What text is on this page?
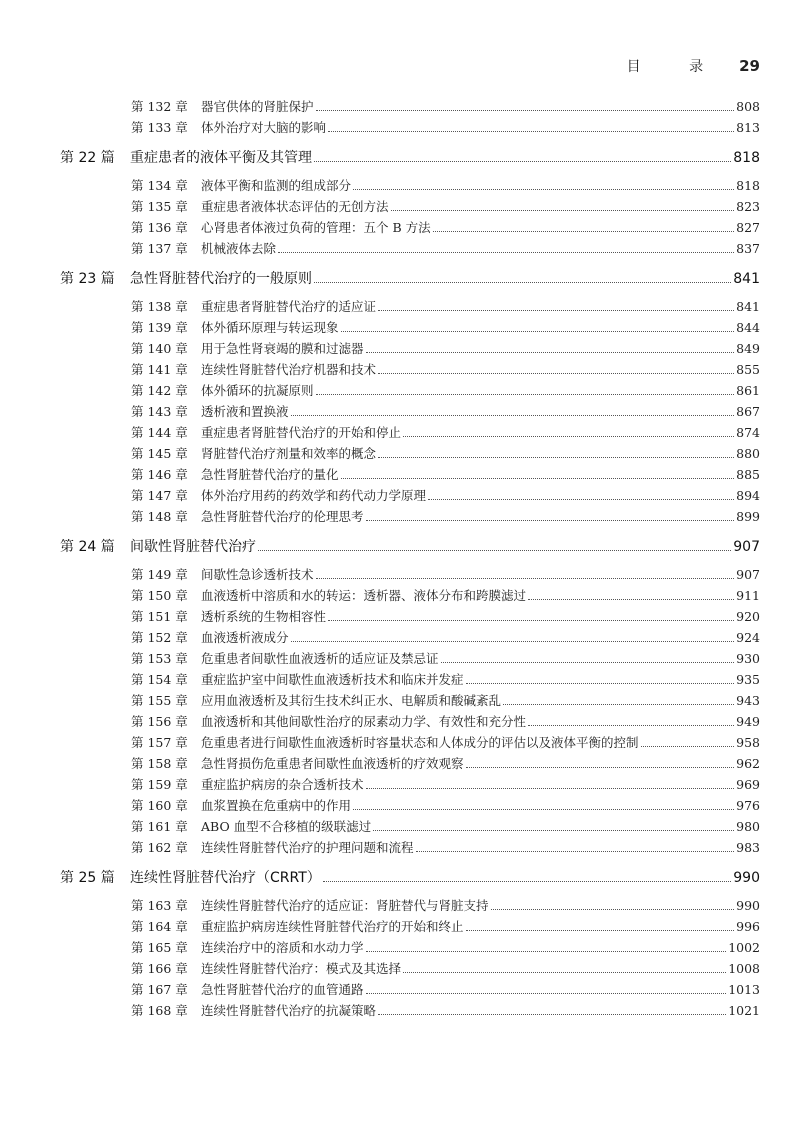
目 录 29
第 132 章	器官供体的肾脏保护	808
第 133 章	体外治疗对大脑的影响	813
第 22 篇	重症患者的液体平衡及其管理	818
第 134 章	液体平衡和监测的组成部分	818
第 135 章	重症患者液体状态评估的无创方法	823
第 136 章	心肾患者体液过负荷的管理：五个 B 方法	827
第 137 章	机械液体去除	837
第 23 篇	急性肾脏替代治疗的一般原则	841
第 138 章	重症患者肾脏替代治疗的适应证	841
第 139 章	体外循环原理与转运现象	844
第 140 章	用于急性肾衰竭的膜和过滤器	849
第 141 章	连续性肾脏替代治疗机器和技术	855
第 142 章	体外循环的抗凝原则	861
第 143 章	透析液和置换液	867
第 144 章	重症患者肾脏替代治疗的开始和停止	874
第 145 章	肾脏替代治疗剂量和效率的概念	880
第 146 章	急性肾脏替代治疗的量化	885
第 147 章	体外治疗用药的药效学和药代动力学原理	894
第 148 章	急性肾脏替代治疗的伦理思考	899
第 24 篇	间歇性肾脏替代治疗	907
第 149 章	间歇性急诊透析技术	907
第 150 章	血液透析中溶质和水的转运：透析器、液体分布和跨膜滤过	911
第 151 章	透析系统的生物相容性	920
第 152 章	血液透析液成分	924
第 153 章	危重患者间歇性血液透析的适应证及禁忌证	930
第 154 章	重症监护室中间歇性血液透析技术和临床并发症	935
第 155 章	应用血液透析及其衍生技术纠正水、电解质和酸碱紊乱	943
第 156 章	血液透析和其他间歇性治疗的尿素动力学、有效性和充分性	949
第 157 章	危重患者进行间歇性血液透析时容量状态和人体成分的评估以及液体平衡的控制	958
第 158 章	急性肾损伤危重患者间歇性血液透析的疗效观察	962
第 159 章	重症监护病房的杂合透析技术	969
第 160 章	血浆置换在危重病中的作用	976
第 161 章	ABO 血型不合移植的级联滤过	980
第 162 章	连续性肾脏替代治疗的护理问题和流程	983
第 25 篇	连续性肾脏替代治疗（CRRT）	990
第 163 章	连续性肾脏替代治疗的适应证：肾脏替代与肾脏支持	990
第 164 章	重症监护病房连续性肾脏替代治疗的开始和终止	996
第 165 章	连续治疗中的溶质和水动力学	1002
第 166 章	连续性肾脏替代治疗：模式及其选择	1008
第 167 章	急性肾脏替代治疗的血管通路	1013
第 168 章	连续性肾脏替代治疗的抗凝策略	1021
